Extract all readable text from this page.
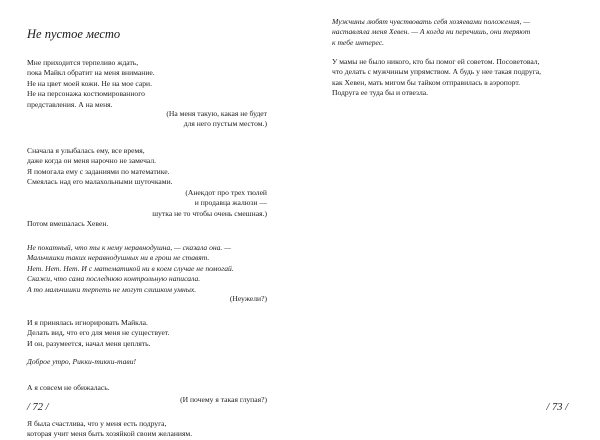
Не пустое место
Мне приходится терпеливо ждать,
пока Майкл обратит на меня внимание.
Не на цвет моей кожи. Не на мое сари.
Не на персонажа костюмированного
представления. А на меня.
(На меня такую, какая не будет
для него пустым местом.)
Сначала я улыбалась ему, все время,
даже когда он меня нарочно не замечал.
Я помогала ему с заданиями по математике.
Смеялась над его малахольными шуточками.
(Анекдот про трех тюлей
и продавца жалюзи —
шутка не то чтобы очень смешная.)
Потом вмешалась Хевен.
Не покатный, что ты к нему неравнодушна, — сказала она. —
Мальчишки таких неравнодушных ни в грош не ставят.
Нет. Нет. Нет. И с математикой ни в коем случае не помогай.
Скажи, что сама последнюю контрольную написала.
А то мальчишки терпеть не могут слишком умных.
(Неужели?)
И я принялась игнорировать Майкла.
Делать вид, что его для меня не существует.
И он, разумеется, начал меня цеплять.
Доброе утро, Рикки-тикки-тави!
А я совсем не обижалась.
(И почему я такая глупая?)
Я была счастлива, что у меня есть подруга,
которая учит меня быть хозяйкой своим желаниям.
/ 72 /
Мужчины любят чувствовать себя хозяевами положения, —
наставляла меня Хевен. — А когда ни перечишь, они теряют
к тебе интерес.
У мамы не было никого, кто бы помог ей советом. Посоветовал,
что делать с мужчиным упрямством. А будь у нее такая подруга,
как Хевен, мать мигом бы тайком отправилась в аэропорт.
Подруга ее туда бы и отвезла.
/ 73 /
